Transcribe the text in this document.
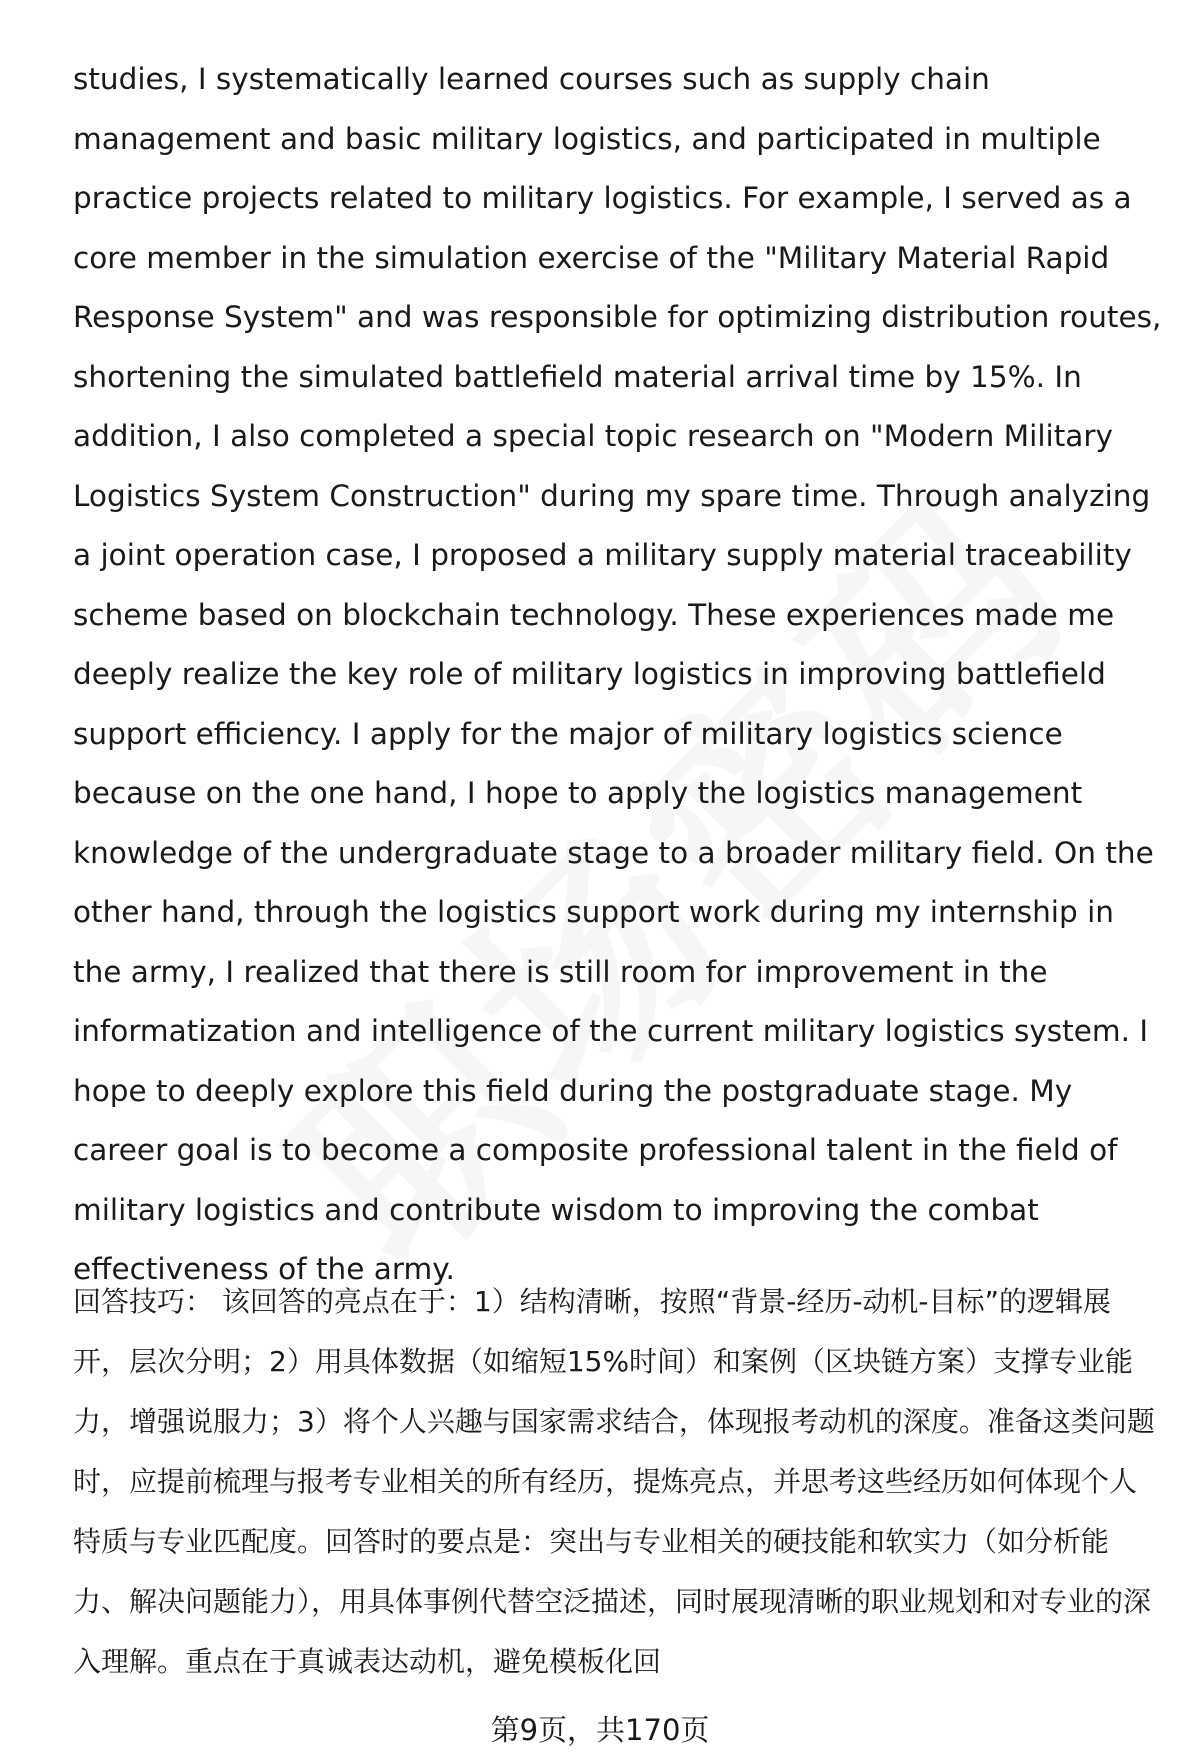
studies, I systematically learned courses such as supply chain management and basic military logistics, and participated in multiple practice projects related to military logistics. For example, I served as a core member in the simulation exercise of the "Military Material Rapid Response System" and was responsible for optimizing distribution routes, shortening the simulated battlefield material arrival time by 15%. In addition, I also completed a special topic research on "Modern Military Logistics System Construction" during my spare time. Through analyzing a joint operation case, I proposed a military supply material traceability scheme based on blockchain technology. These experiences made me deeply realize the key role of military logistics in improving battlefield support efficiency. I apply for the major of military logistics science because on the one hand, I hope to apply the logistics management knowledge of the undergraduate stage to a broader military field. On the other hand, through the logistics support work during my internship in the army, I realized that there is still room for improvement in the informatization and intelligence of the current military logistics system. I hope to deeply explore this field during the postgraduate stage. My career goal is to become a composite professional talent in the field of military logistics and contribute wisdom to improving the combat effectiveness of the army.

回答技巧： 该回答的亮点在于：1）结构清晰，按照“背景-经历-动机-目标”的逻辑展开，层次分明；2）用具体数据（如缩短15%时间）和案例（区块链方案）支撑专业能力，增强说服力；3）将个人兴趣与国家需求结合，体现报考动机的深度。准备这类问题时，应提前梳理与报考专业相关的所有经历，提炼亮点，并思考这些经历如何体现个人特质与专业匹配度。回答时的要点是：突出与专业相关的硬技能和软实力（如分析能力、解决问题能力），用具体事例代替空泛描述，同时展现清晰的职业规划和对专业的深入理解。重点在于真诚表达动机，避免模板化回

第9页，共170页
